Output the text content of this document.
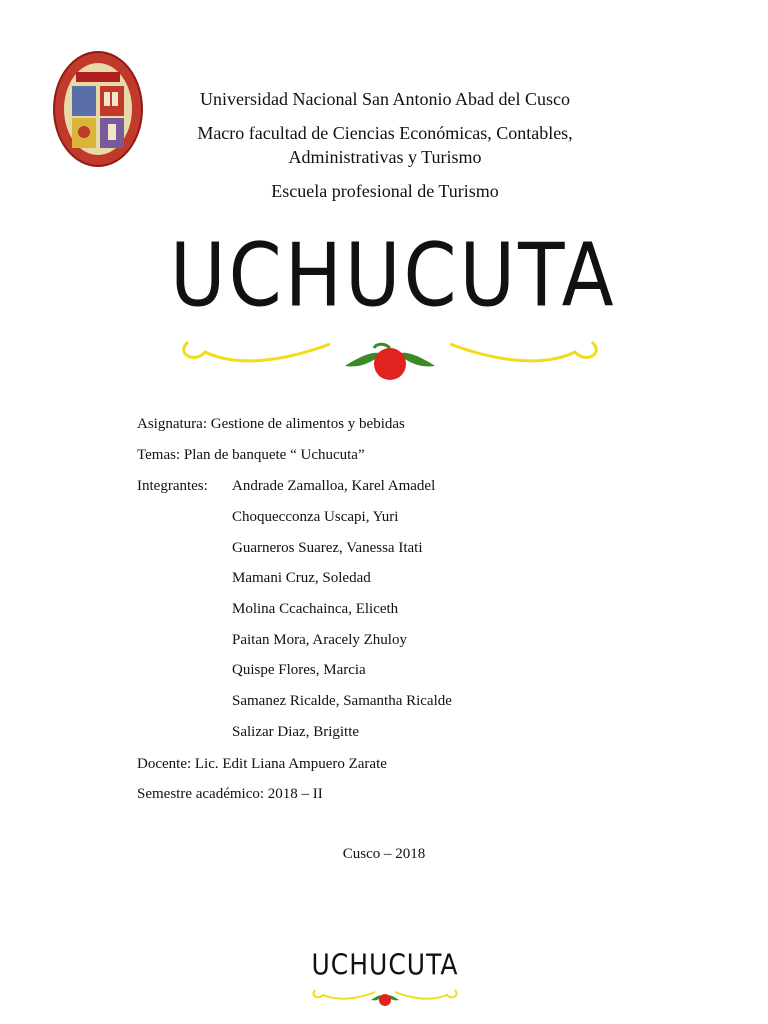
Universidad Nacional San Antonio Abad del Cusco
Macro facultad de Ciencias Económicas, Contables, Administrativas y Turismo
Escuela profesional de Turismo
UCHUCUTA
Asignatura: Gestione de alimentos y bebidas
Temas: Plan de banquete “ Uchucuta”
Integrantes: Andrade Zamalloa, Karel Amadel
Choquecconza Uscapi, Yuri
Guarneros Suarez, Vanessa Itati
Mamani Cruz, Soledad
Molina Ccachainca, Eliceth
Paitan Mora, Aracely Zhuloy
Quispe Flores, Marcia
Samanez Ricalde, Samantha Ricalde
Salizar Diaz, Brigitte
Docente: Lic. Edit Liana Ampuero Zarate
Semestre académico: 2018 – II
Cusco – 2018
UCHUCUTA
